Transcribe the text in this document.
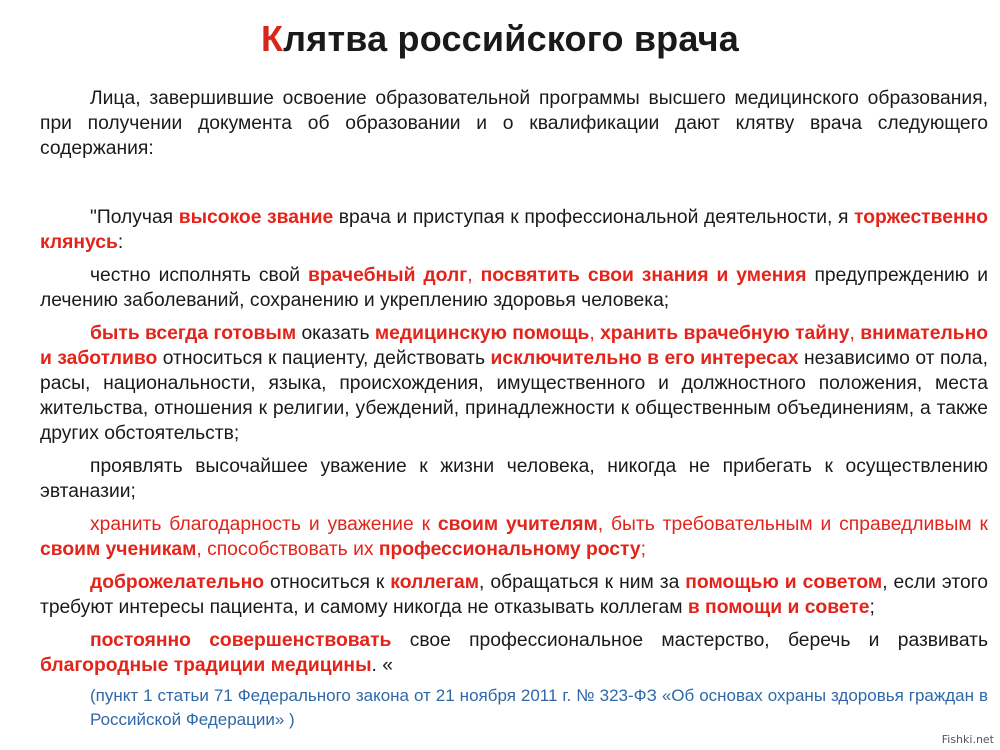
Клятва российского врача

Лица, завершившие освоение образовательной программы высшего медицинского образования, при получении документа об образовании и о квалификации дают клятву врача следующего содержания:

"Получая высокое звание врача и приступая к профессиональной деятельности, я торжественно клянусь:

честно исполнять свой врачебный долг, посвятить свои знания и умения предупреждению и лечению заболеваний, сохранению и укреплению здоровья человека;

быть всегда готовым оказать медицинскую помощь, хранить врачебную тайну, внимательно и заботливо относиться к пациенту, действовать исключительно в его интересах независимо от пола, расы, национальности, языка, происхождения, имущественного и должностного положения, места жительства, отношения к религии, убеждений, принадлежности к общественным объединениям, а также других обстоятельств;

проявлять высочайшее уважение к жизни человека, никогда не прибегать к осуществлению эвтаназии;

хранить благодарность и уважение к своим учителям, быть требовательным и справедливым к своим ученикам, способствовать их профессиональному росту;

доброжелательно относиться к коллегам, обращаться к ним за помощью и советом, если этого требуют интересы пациента, и самому никогда не отказывать коллегам в помощи и совете;

постоянно совершенствовать свое профессиональное мастерство, беречь и развивать благородные традиции медицины. «

(пункт 1 статьи 71 Федерального закона от 21 ноября 2011 г. № 323-ФЗ «Об основах охраны здоровья граждан в Российской Федерации» )

Fishki.net
